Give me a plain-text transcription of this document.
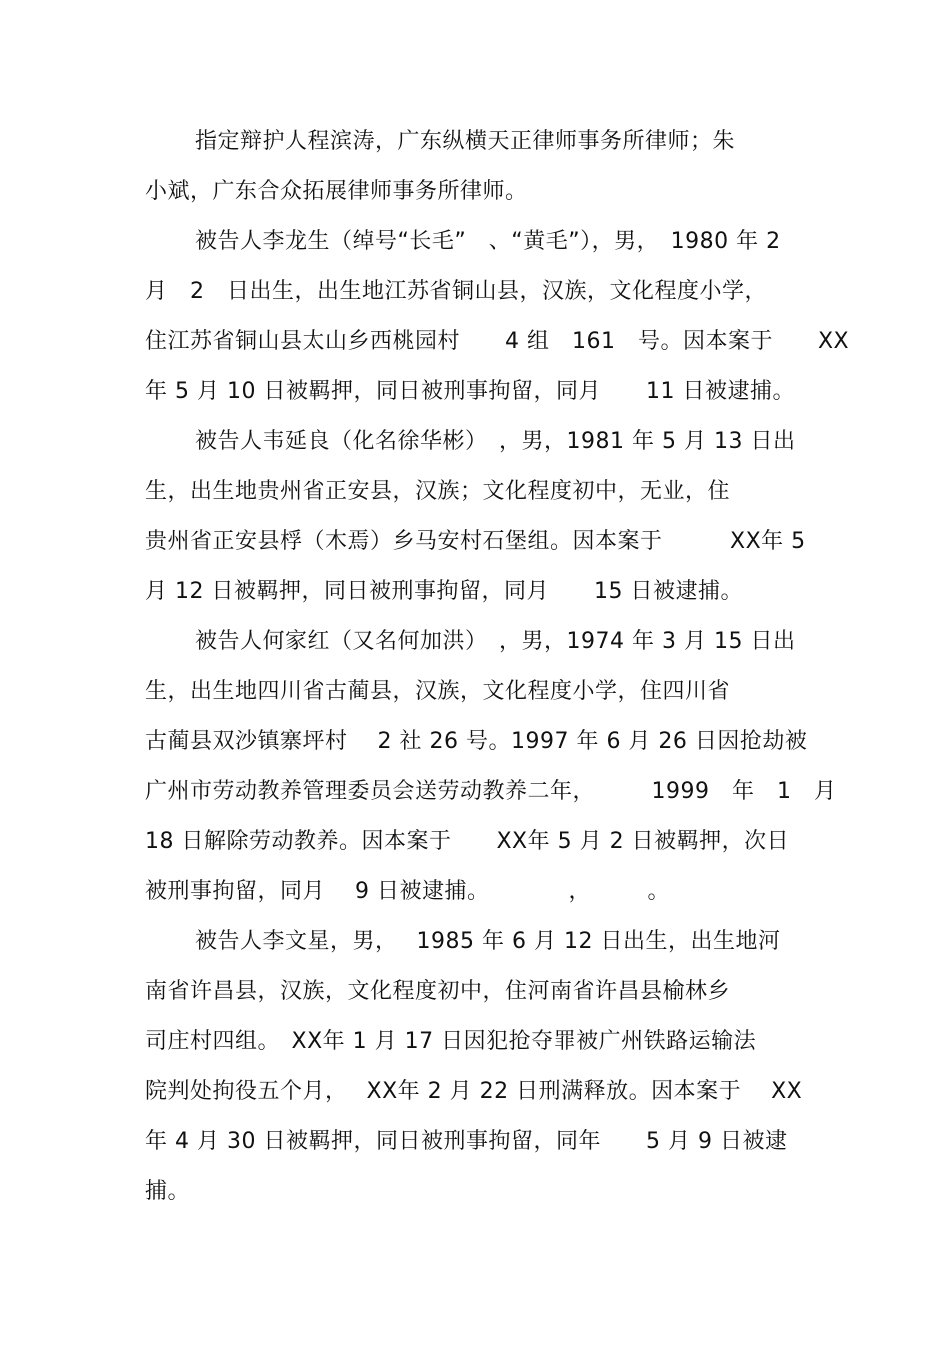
指定辩护人程滨涛，广东纵横天正律师事务所律师；朱
小斌，广东合众拓展律师事务所律师。
被告人李龙生（绰号“长毛”　、“黄毛”），男，　1980 年 2
月　2　日出生，出生地江苏省铜山县，汉族，文化程度小学，
住江苏省铜山县太山乡西桃园村　　4 组　161　号。因本案于　　XX
年 5 月 10 日被羁押，同日被刑事拘留，同月　　11 日被逮捕。
被告人韦延良（化名徐华彬）　，男，1981 年 5 月 13 日出
生，出生地贵州省正安县，汉族；文化程度初中，无业，住
贵州省正安县桴（木焉）乡马安村石堡组。因本案于　　　XX年 5
月 12 日被羁押，同日被刑事拘留，同月　　15 日被逮捕。
被告人何家红（又名何加洪）　，男，1974 年 3 月 15 日出
生，出生地四川省古蔺县，汉族，文化程度小学，住四川省
古蔺县双沙镇寨坪村　 2 社 26 号。1997 年 6 月 26 日因抢劫被
广州市劳动教养管理委员会送劳动教养二年，　　　1999　年　1　月
18 日解除劳动教养。因本案于　　XX年 5 月 2 日被羁押，次日
被刑事拘留，同月　 9 日被逮捕。　　　　，　　　。
被告人李文星，男，　 1985 年 6 月 12 日出生，出生地河
南省许昌县，汉族，文化程度初中，住河南省许昌县榆林乡
司庄村四组。　XX年 1 月 17 日因犯抢夺罪被广州铁路运输法
院判处拘役五个月，　 XX年 2 月 22 日刑满释放。因本案于　 XX
年 4 月 30 日被羁押，同日被刑事拘留，同年　　5 月 9 日被逮
捕。
